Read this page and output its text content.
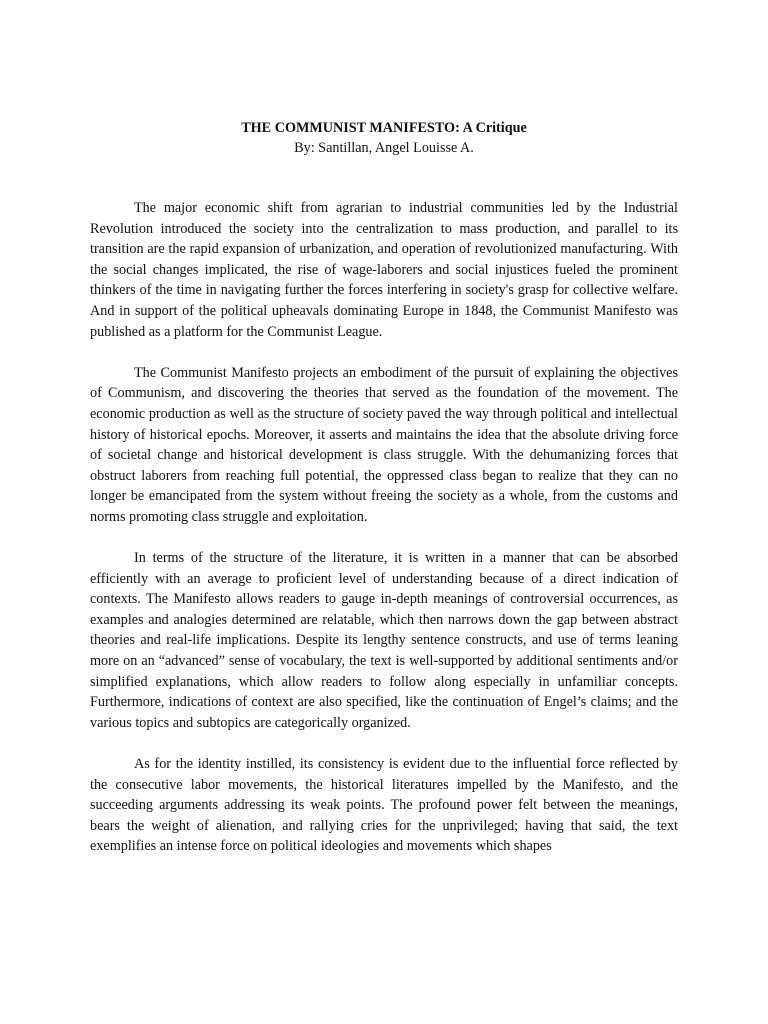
THE COMMUNIST MANIFESTO: A Critique
By: Santillan, Angel Louisse A.

The major economic shift from agrarian to industrial communities led by the Industrial Revolution introduced the society into the centralization to mass production, and parallel to its transition are the rapid expansion of urbanization, and operation of revolutionized manufacturing. With the social changes implicated, the rise of wage-laborers and social injustices fueled the prominent thinkers of the time in navigating further the forces interfering in society's grasp for collective welfare. And in support of the political upheavals dominating Europe in 1848, the Communist Manifesto was published as a platform for the Communist League.

The Communist Manifesto projects an embodiment of the pursuit of explaining the objectives of Communism, and discovering the theories that served as the foundation of the movement. The economic production as well as the structure of society paved the way through political and intellectual history of historical epochs. Moreover, it asserts and maintains the idea that the absolute driving force of societal change and historical development is class struggle. With the dehumanizing forces that obstruct laborers from reaching full potential, the oppressed class began to realize that they can no longer be emancipated from the system without freeing the society as a whole, from the customs and norms promoting class struggle and exploitation.

In terms of the structure of the literature, it is written in a manner that can be absorbed efficiently with an average to proficient level of understanding because of a direct indication of contexts. The Manifesto allows readers to gauge in-depth meanings of controversial occurrences, as examples and analogies determined are relatable, which then narrows down the gap between abstract theories and real-life implications. Despite its lengthy sentence constructs, and use of terms leaning more on an “advanced” sense of vocabulary, the text is well-supported by additional sentiments and/or simplified explanations, which allow readers to follow along especially in unfamiliar concepts. Furthermore, indications of context are also specified, like the continuation of Engel’s claims; and the various topics and subtopics are categorically organized.

As for the identity instilled, its consistency is evident due to the influential force reflected by the consecutive labor movements, the historical literatures impelled by the Manifesto, and the succeeding arguments addressing its weak points. The profound power felt between the meanings, bears the weight of alienation, and rallying cries for the unprivileged; having that said, the text exemplifies an intense force on political ideologies and movements which shapes
